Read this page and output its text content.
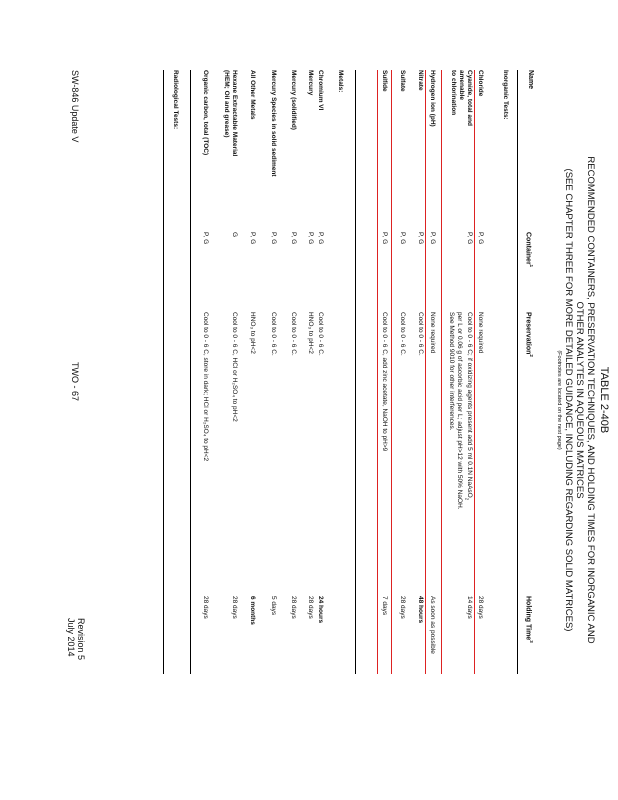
TABLE 2-40B
RECOMMENDED CONTAINERS, PRESERVATION TECHNIQUES, AND HOLDING TIMES FOR INORGANIC AND
OTHER ANALYTES IN AQUEOUS MATRICES
(SEE CHAPTER THREE FOR MORE DETAILED GUIDANCE, INCLUDING REGARDING SOLID MATRICES)
(Footnotes are located on the next page)
Name
Container$^1$
Preservation$^2$
Holding Time$^3$
Inorganic Tests:
Chloride
P, G
None required
28 days
Cyanide, total and
amenable
to chlorination
P, G
Cool to 0 - 6 C; if oxidizing agents present add 5 ml 0.1N NaAsO$_2$
per L or 0.06 g of ascorbic acid per L; adjust pH>12 with 50% NaOH.
See Method 9010 for other interferences.
14 days
Hydrogen ion (pH)
P, G
None required
As soon as possible
Nitrate
P, G
Cool to 0 - 6 C.
48 hours
Sulfate
P, G
Cool to 0 - 6 C.
28 days
Sulfide
P, G
Cool to 0 - 6 C, add zinc acetate, NaOH to pH>9
7 days
Metals:
Chromium VI
P, G
Cool to 0 - 6 C.
24 hours
Mercury
P, G
HNO₃ to pH<2
28 days
Mercury (solidified)
P, G
Cool to 0 - 6 C.
28 days
Mercury Species in solid sediment
P, G
Cool to 0 - 6 C.
5 days
All Other Metals
P, G
HNO₃ to pH<2
6 months
Hexane Extractable Material
(HEM; Oil and grease)
G
Cool to 0 - 6 C, HCl or H₂SO₄ to pH<2
28 days
Organic carbon, total (TOC)
P, G
Cool to 0 - 6 C, store in dark; HCl or H₂SO₄ to pH<2
28 days
Radiological Tests:
SW-846 Update V
TWO - 67
Revision 5
July 2014
